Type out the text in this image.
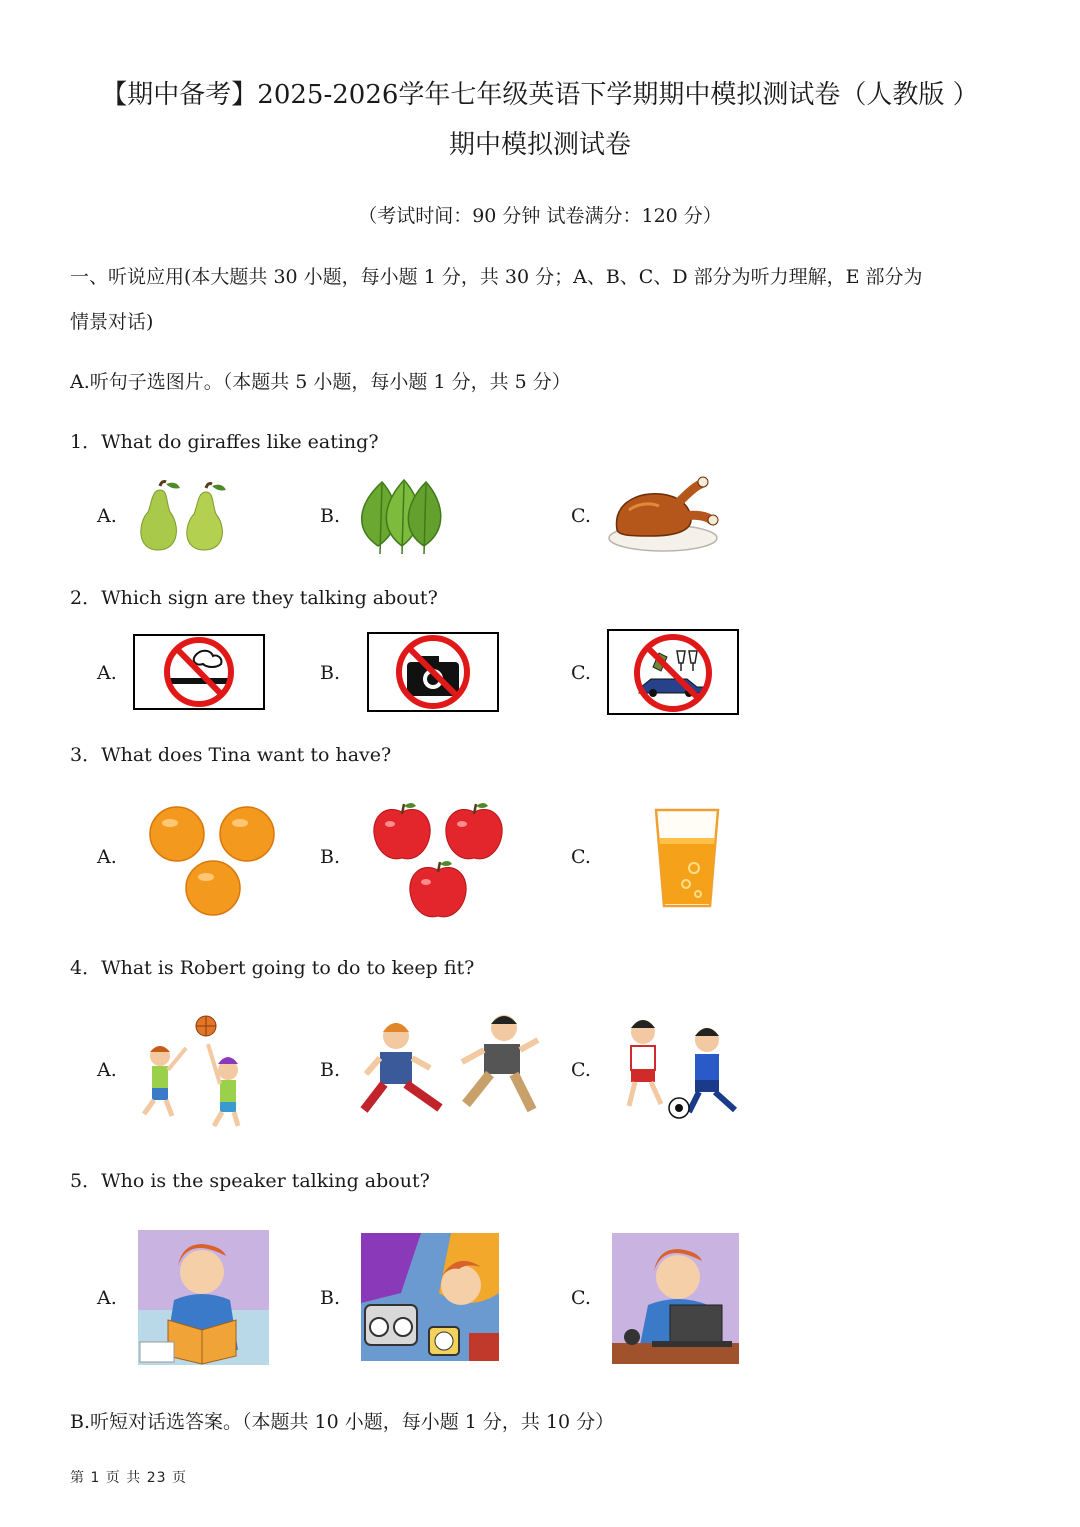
【期中备考】2025-2026学年七年级英语下学期期中模拟测试卷（人教版 ）
期中模拟测试卷
（考试时间：90 分钟 试卷满分：120 分）
一、听说应用(本大题共 30 小题，每小题 1 分，共 30 分；A、B、C、D 部分为听力理解，E 部分为
情景对话)
A.听句子选图片。（本题共 5 小题，每小题 1 分，共 5 分）
1．What do giraffes like eating?
A.	B.	C.
2．Which sign are they talking about?
A.	B.	C.
3．What does Tina want to have?
A.	B.	C.
4．What is Robert going to do to keep fit?
A.	B.	C.
5．Who is the speaker talking about?
A.	B.	C.
B.听短对话选答案。（本题共 10 小题，每小题 1 分，共 10 分）
第 1 页 共 23 页
